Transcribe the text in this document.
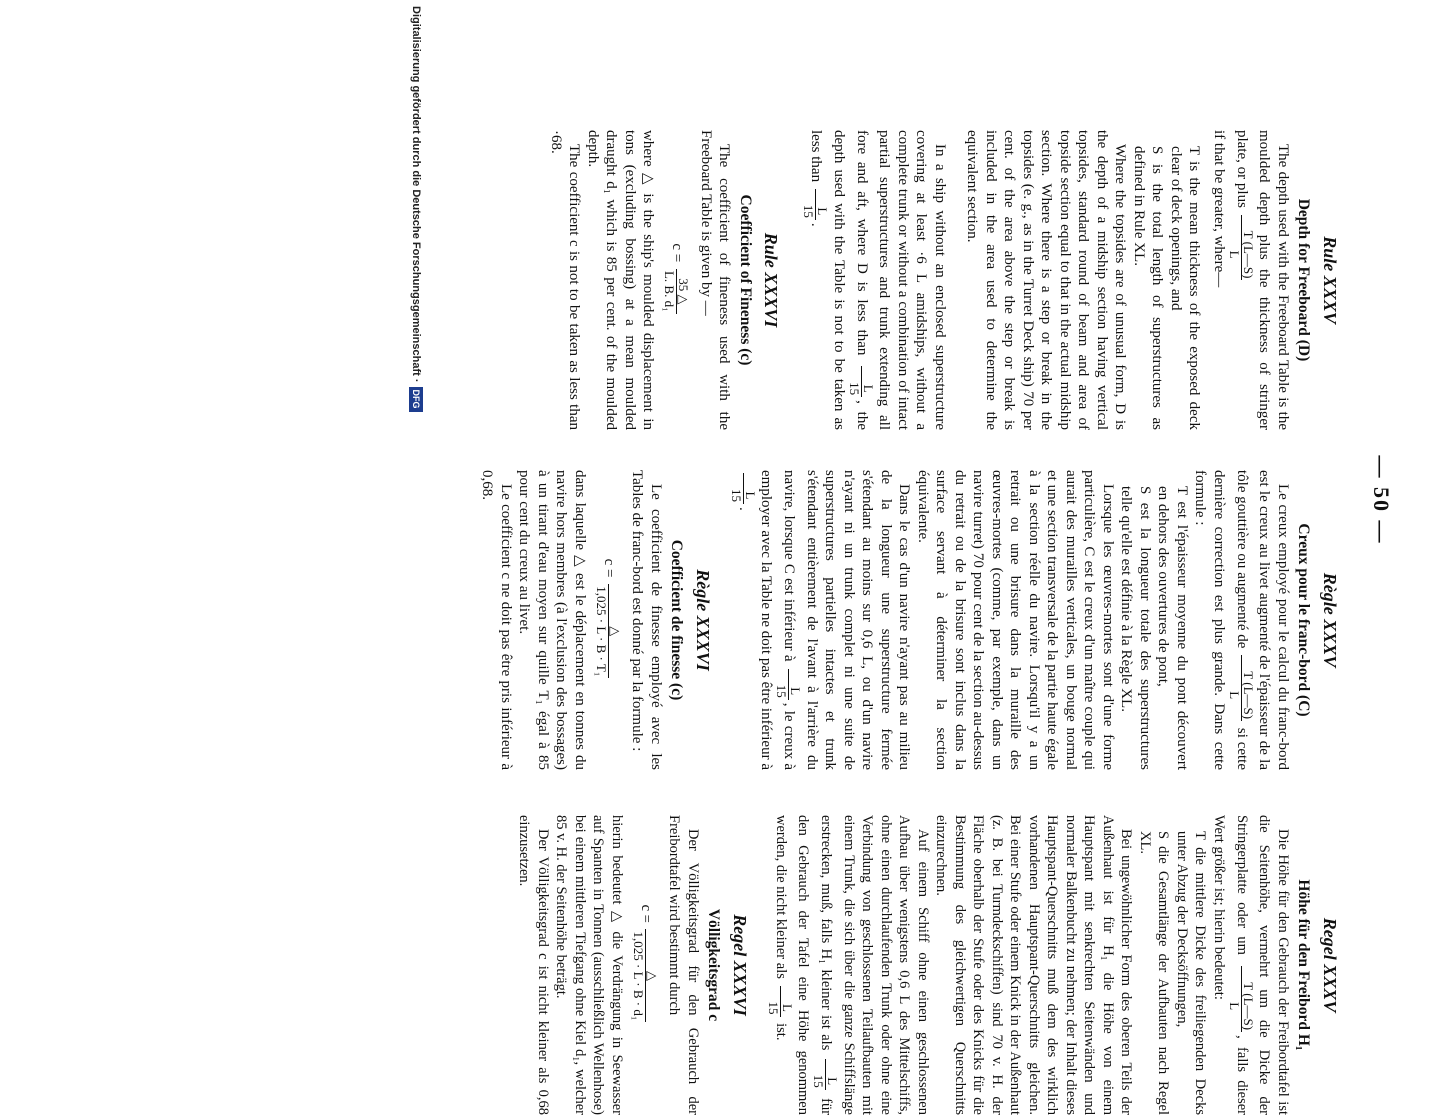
— 50 —
Rule XXXV
Depth for Freeboard (D)

The depth used with the Freeboard Table is the moulded depth plus the thickness of stringer plate, or plus
T (L—S)
L

if that be greater, where—

T is the mean thickness of the exposed deck clear of deck openings, and

S is the total length of superstructures as defined in Rule XL.

Where the topsides are of unusual form, D is the depth of a midship section having vertical topsides, standard round of beam and area of topside section equal to that in the actual midship section. Where there is a step or break in the topsides (e. g., as in the Turret Deck ship) 70 per cent. of the area above the step or break is included in the area used to determine the equivalent section.

In a ship without an enclosed superstructure covering at least ·6 L amidships, without a complete trunk or without a combination of intact partial superstructures and trunk extending all fore and aft, where D is less than
L
15
, the depth used with the Table is not to be taken as less than
L
15
.

Rule XXXVI
Coefficient of Fineness (c)

The coefficient of fineness used with the Freeboard Table is given by —

c =
35 △
L. B. d₁

where △ is the ship's moulded displacement in tons (excluding bossing) at a mean moulded draught d₁ which is 85 per cent. of the moulded depth.

The coefficient c is not to be taken as less than ·68.

Règle XXXV
Creux pour le franc-bord (C)

Le creux employé pour le calcul du franc-bord est le creux au livet augmenté de l'épaisseur de la tôle gouttière ou augmenté de
T (L—S)
L
si cette dernière correction est plus grande. Dans cette formule :

T est l'épaisseur moyenne du pont découvert en dehors des ouvertures de pont,

S est la longueur totale des superstructures telle qu'elle est définie à la Règle XL.

Lorsque les œuvres-mortes sont d'une forme particulière, C est le creux d'un maître couple qui aurait des murailles verticales, un bouge normal et une section transversale de la partie haute égale à la section réelle du navire. Lorsqu'il y a un retrait ou une brisure dans la muraille des œuvres-mortes (comme, par exemple, dans un navire turret) 70 pour cent de la section au-dessus du retrait ou de la brisure sont inclus dans la surface servant à déterminer la section équivalente.

Dans le cas d'un navire n'ayant pas au milieu de la longueur une superstructure fermée s'étendant au moins sur 0,6 L, ou d'un navire n'ayant ni un trunk complet ni une suite de superstructures partielles intactes et trunk s'étendant entièrement de l'avant à l'arrière du navire, lorsque C est inférieur à
L
15
, le creux à employer avec la Table ne doit pas être inférieur à
L
15
.

Règle XXXVI
Coefficient de finesse (c)

Le coefficient de finesse employé avec les Tables de franc-bord est donné par la formule :

c =
△
1,025 · L · B · T₁

dans laquelle △ est le déplacement en tonnes du navire hors membres (à l'exclusion des bossages) à un tirant d'eau moyen sur quille T₁ égal à 85 pour cent du creux au livet.

Le coefficient c ne doit pas être pris inférieur à 0,68.

Regel XXXV
Höhe für den Freibord H₁

Die Höhe für den Gebrauch der Freibordtafel ist die Seitenhöhe, vermehrt um die Dicke der Stringerplatte oder um
T (L—S)
L
, falls dieser Wert größer ist; hierin bedeutet:

T die mittlere Dicke des freiliegenden Decks unter Abzug der Decksöffnungen,

S die Gesamtlänge der Aufbauten nach Regel XL.

Bei ungewöhnlicher Form des oberen Teils der Außenhaut ist für H₁ die Höhe von einem Hauptspant mit senkrechten Seitenwänden und normaler Balkenbucht zu nehmen; der Inhalt dieses Hauptspant-Querschnitts muß dem des wirklich vorhandenen Hauptspant-Querschnitts gleichen. Bei einer Stufe oder einem Knick in der Außenhaut (z. B. bei Turmdeckschiffen) sind 70 v. H. der Fläche oberhalb der Stufe oder des Knicks für die Bestimmung des gleichwertigen Querschnitts einzurechnen.

Auf einem Schiff ohne einen geschlossenen Aufbau über wenigstens 0,6 L des Mittelschiffs, ohne einen durchlaufenden Trunk oder ohne eine Verbindung von geschlossenen Teilaufbauten mit einem Trunk, die sich über die ganze Schiffslänge erstrecken, muß, falls H₁ kleiner ist als
L
15
für den Gebrauch der Tafel eine Höhe genommen werden, die nicht kleiner als
L
15
ist.

Regel XXXVI
Völligkeitsgrad c

Der Völligkeitsgrad für den Gebrauch der Freibordtafel wird bestimmt durch

c =
△
1,025 · L · B · d₁

hierin bedeutet △ die Verdrängung in Seewasser auf Spanten in Tonnen (ausschließlich Wellenhose) bei einem mittleren Tiefgang ohne Kiel d₁, welcher 85 v. H. der Seitenhöhe beträgt.

Der Völligkeitsgrad c ist nicht kleiner als 0,68 einzusetzen.

Digitalisierung gefördert durch die Deutsche Forschungsgemeinschaft ·DFG
